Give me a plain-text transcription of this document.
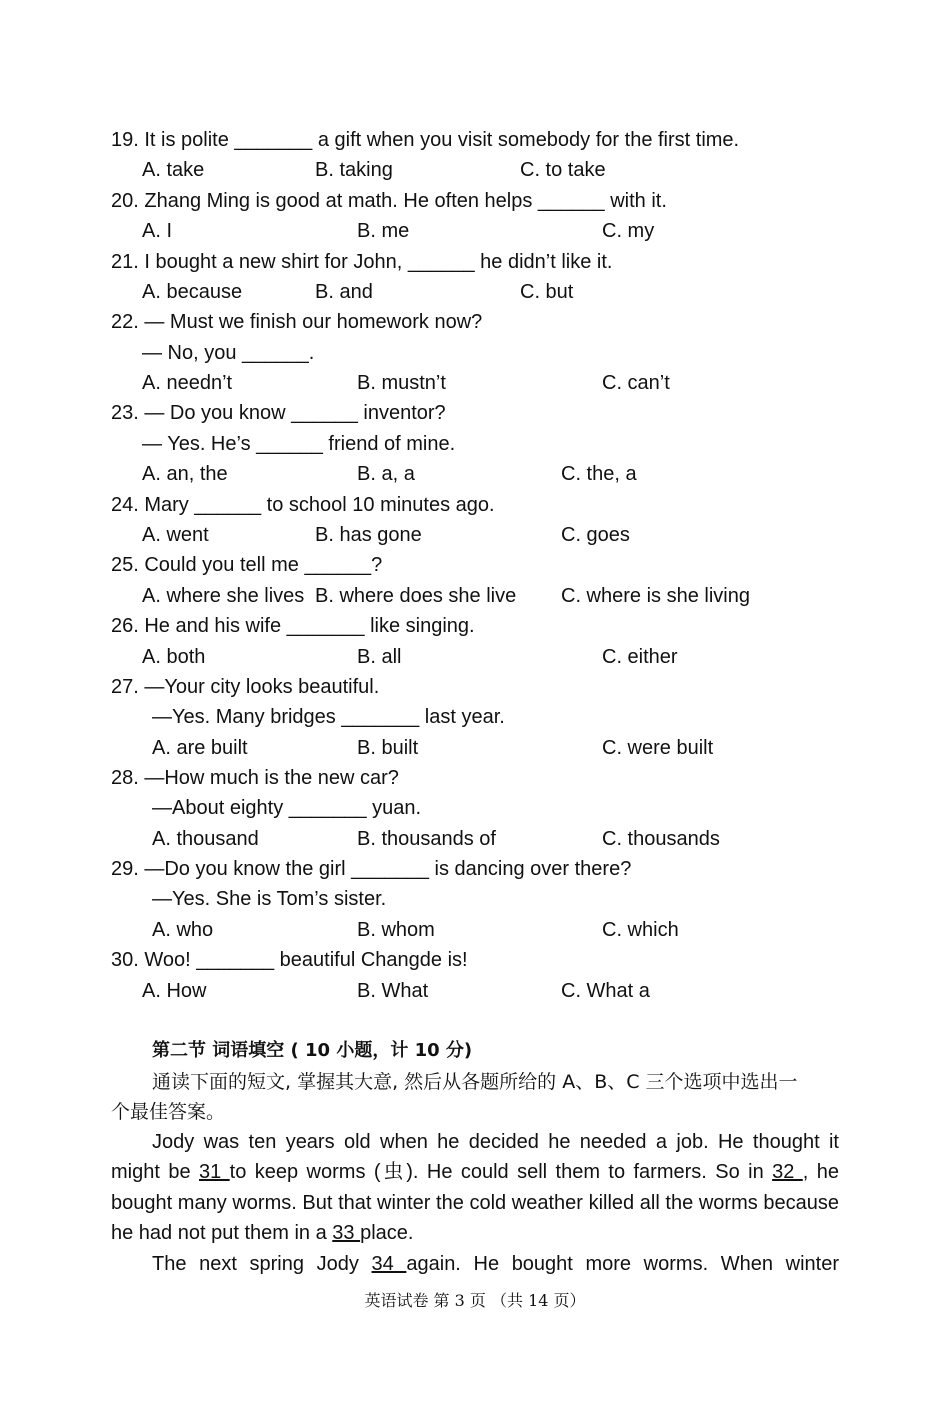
19. It is polite _______ a gift when you visit somebody for the first time.
A. take	B. taking	C. to take
20. Zhang Ming is good at math. He often helps ______ with it.
A. I	B. me	C. my
21. I bought a new shirt for John, ______ he didn’t like it.
A. because	B. and	C. but
22. — Must we finish our homework now?
— No, you ______.
A. needn’t	B. mustn’t	C. can’t
23. — Do you know ______ inventor?
— Yes. He’s ______ friend of mine.
A. an, the	B. a, a	C. the, a
24. Mary ______ to school 10 minutes ago.
A. went	B. has gone	C. goes
25. Could you tell me ______?
A. where she lives B. where does she live C. where is she living
26. He and his wife _______ like singing.
A. both	B. all	C. either
27. —Your city looks beautiful.
—Yes. Many bridges _______ last year.
A. are built	B. built	C. were built
28. —How much is the new car?
—About eighty _______ yuan.
A. thousand	B. thousands of	C. thousands
29. —Do you know the girl _______ is dancing over there?
—Yes. She is Tom’s sister.
A. who	B. whom	C. which
30. Woo! _______ beautiful Changde is!
A. How	B. What	C. What a
第二节 词语填空 ( 10 小题，计 10 分)
通读下面的短文, 掌握其大意, 然后从各题所给的 A、B、C 三个选项中选出一
个最佳答案。
Jody was ten years old when he decided he needed a job. He thought it might be 31 to keep worms (虫). He could sell them to farmers. So in 32 , he bought many worms. But that winter the cold weather killed all the worms because he had not put them in a 33 place.
The next spring Jody 34 again. He bought more worms. When winter
英语试卷 第 3 页 （共 14 页）
